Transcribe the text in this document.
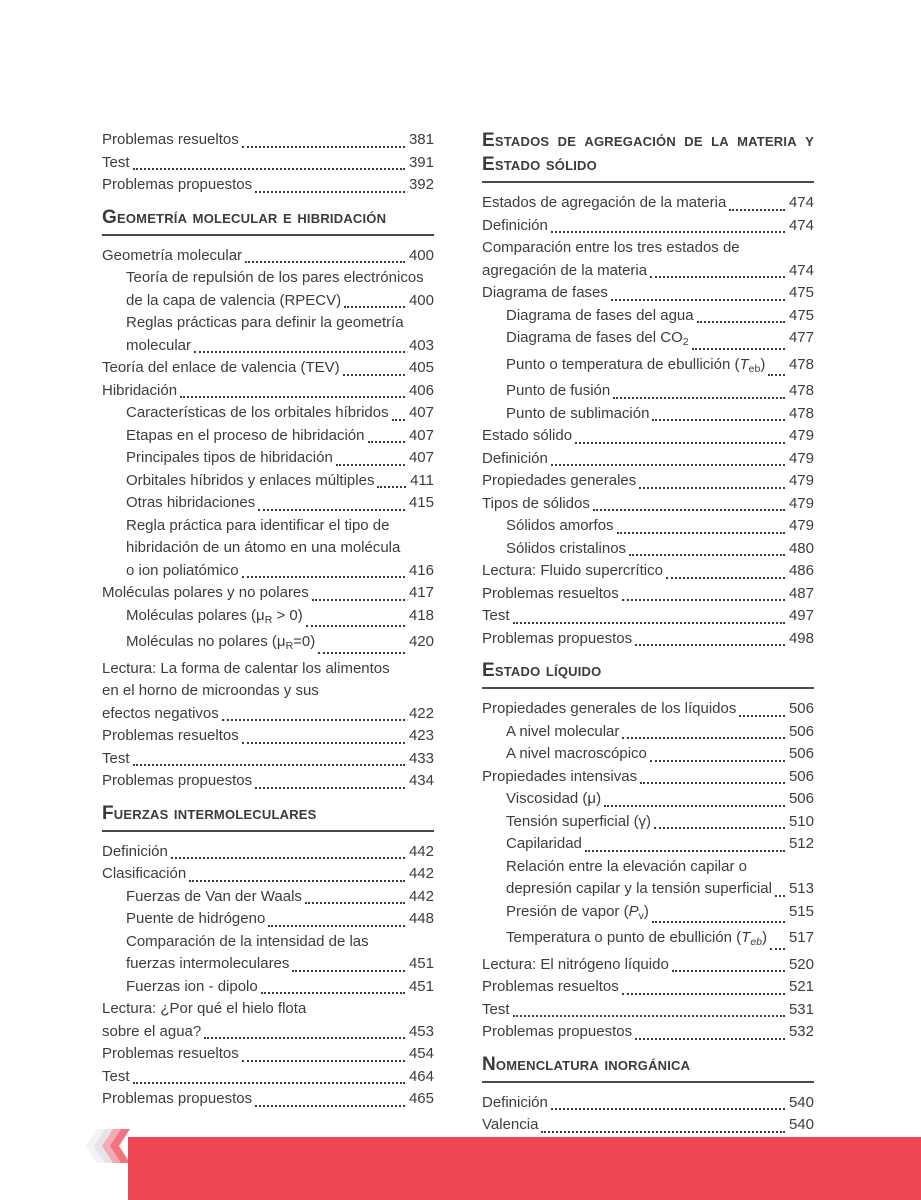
Problemas resueltos	381
Test	391
Problemas propuestos	392
Geometría molecular e hibridación
Geometría molecular	400
Teoría de repulsión de los pares electrónicos
de la capa de valencia (RPECV)	400
Reglas prácticas para definir la geometría
molecular	403
Teoría del enlace de valencia (TEV)	405
Hibridación	406
Características de los orbitales híbridos 407
Etapas en el proceso de hibridación	407
Principales tipos de hibridación	407
Orbitales híbridos y enlaces múltiples 411
Otras hibridaciones	415
Regla práctica para identificar el tipo de
hibridación de un átomo en una molécula
o ion poliatómico	416
Moléculas polares y no polares	417
Moléculas polares $(\mu_R > 0)$	418
Moléculas no polares $(\mu_R=0)$	420
Lectura: La forma de calentar los alimentos
en el horno de microondas y sus
efectos negativos	422
Problemas resueltos	423
Test	433
Problemas propuestos	434
Fuerzas intermoleculares
Definición	442
Clasificación	442
Fuerzas de Van der Waals	442
Puente de hidrógeno	448
Comparación de la intensidad de las
fuerzas intermoleculares	451
Fuerzas ion - dipolo	451
Lectura: ¿Por qué el hielo flota
sobre el agua?	453
Problemas resueltos	454
Test	464
Problemas propuestos	465
Estados de agregación de la materia y
Estado sólido
Estados de agregación de la materia	474
Definición	474
Comparación entre los tres estados de
agregación de la materia	474
Diagrama de fases	475
Diagrama de fases del agua	475
Diagrama de fases del $CO_2$	477
Punto o temperatura de ebullición $(T_{eb})$ 478
Punto de fusión	478
Punto de sublimación	478
Estado sólido	479
Definición	479
Propiedades generales	479
Tipos de sólidos	479
Sólidos amorfos	479
Sólidos cristalinos	480
Lectura: Fluido supercrítico	486
Problemas resueltos	487
Test	497
Problemas propuestos	498
Estado líquido
Propiedades generales de los líquidos	506
A nivel molecular	506
A nivel macroscópico	506
Propiedades intensivas	506
Viscosidad (μ)	506
Tensión superficial (γ)	510
Capilaridad	512
Relación entre la elevación capilar o
depresión capilar y la tensión superficial 513
Presión de vapor $(P_v)$	515
Temperatura o punto de ebullición $(T_{eb})$ 517
Lectura: El nitrógeno líquido	520
Problemas resueltos	521
Test	531
Problemas propuestos	532
Nomenclatura inorgánica
Definición	540
Valencia	540
